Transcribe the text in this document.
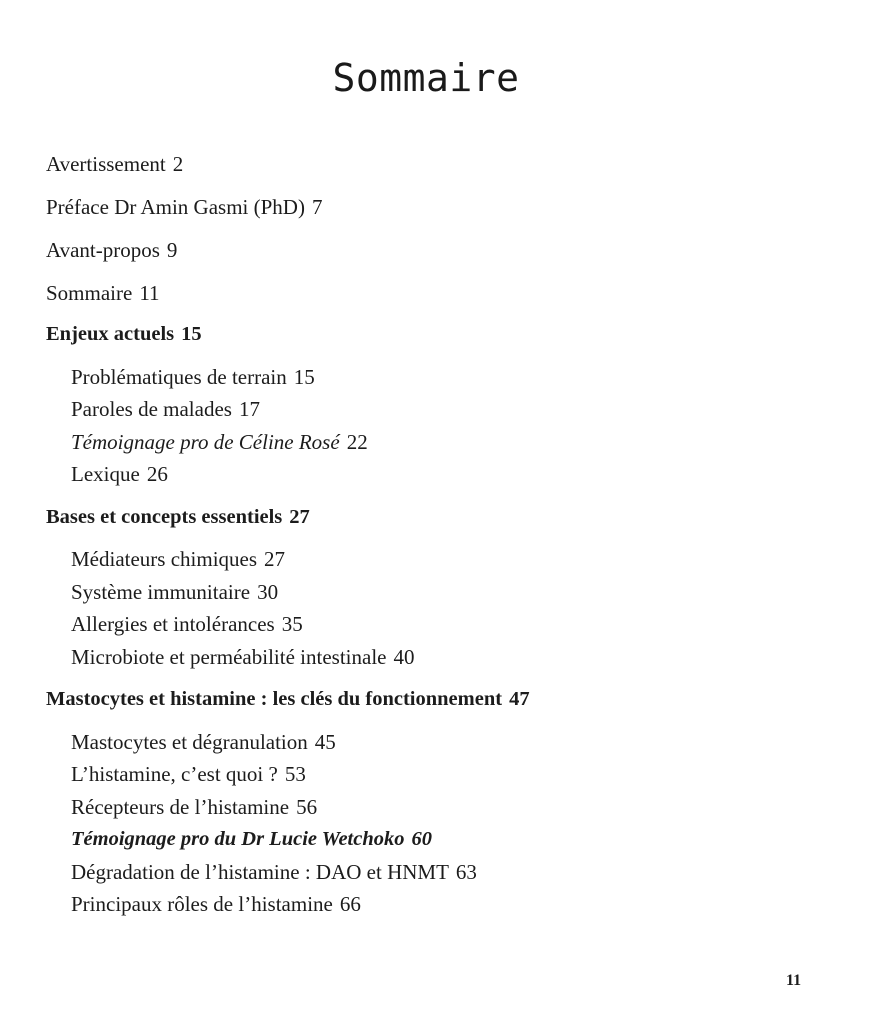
Sommaire
Avertissement 2
Préface Dr Amin Gasmi (PhD) 7
Avant-propos 9
Sommaire 11
Enjeux actuels 15
Problématiques de terrain 15
Paroles de malades 17
Témoignage pro de Céline Rosé 22
Lexique 26
Bases et concepts essentiels 27
Médiateurs chimiques 27
Système immunitaire 30
Allergies et intolérances 35
Microbiote et perméabilité intestinale 40
Mastocytes et histamine : les clés du fonctionnement 47
Mastocytes et dégranulation 45
L’histamine, c’est quoi ? 53
Récepteurs de l’histamine 56
Témoignage pro du Dr Lucie Wetchoko 60
Dégradation de l’histamine : DAO et HNMT 63
Principaux rôles de l’histamine 66
11
